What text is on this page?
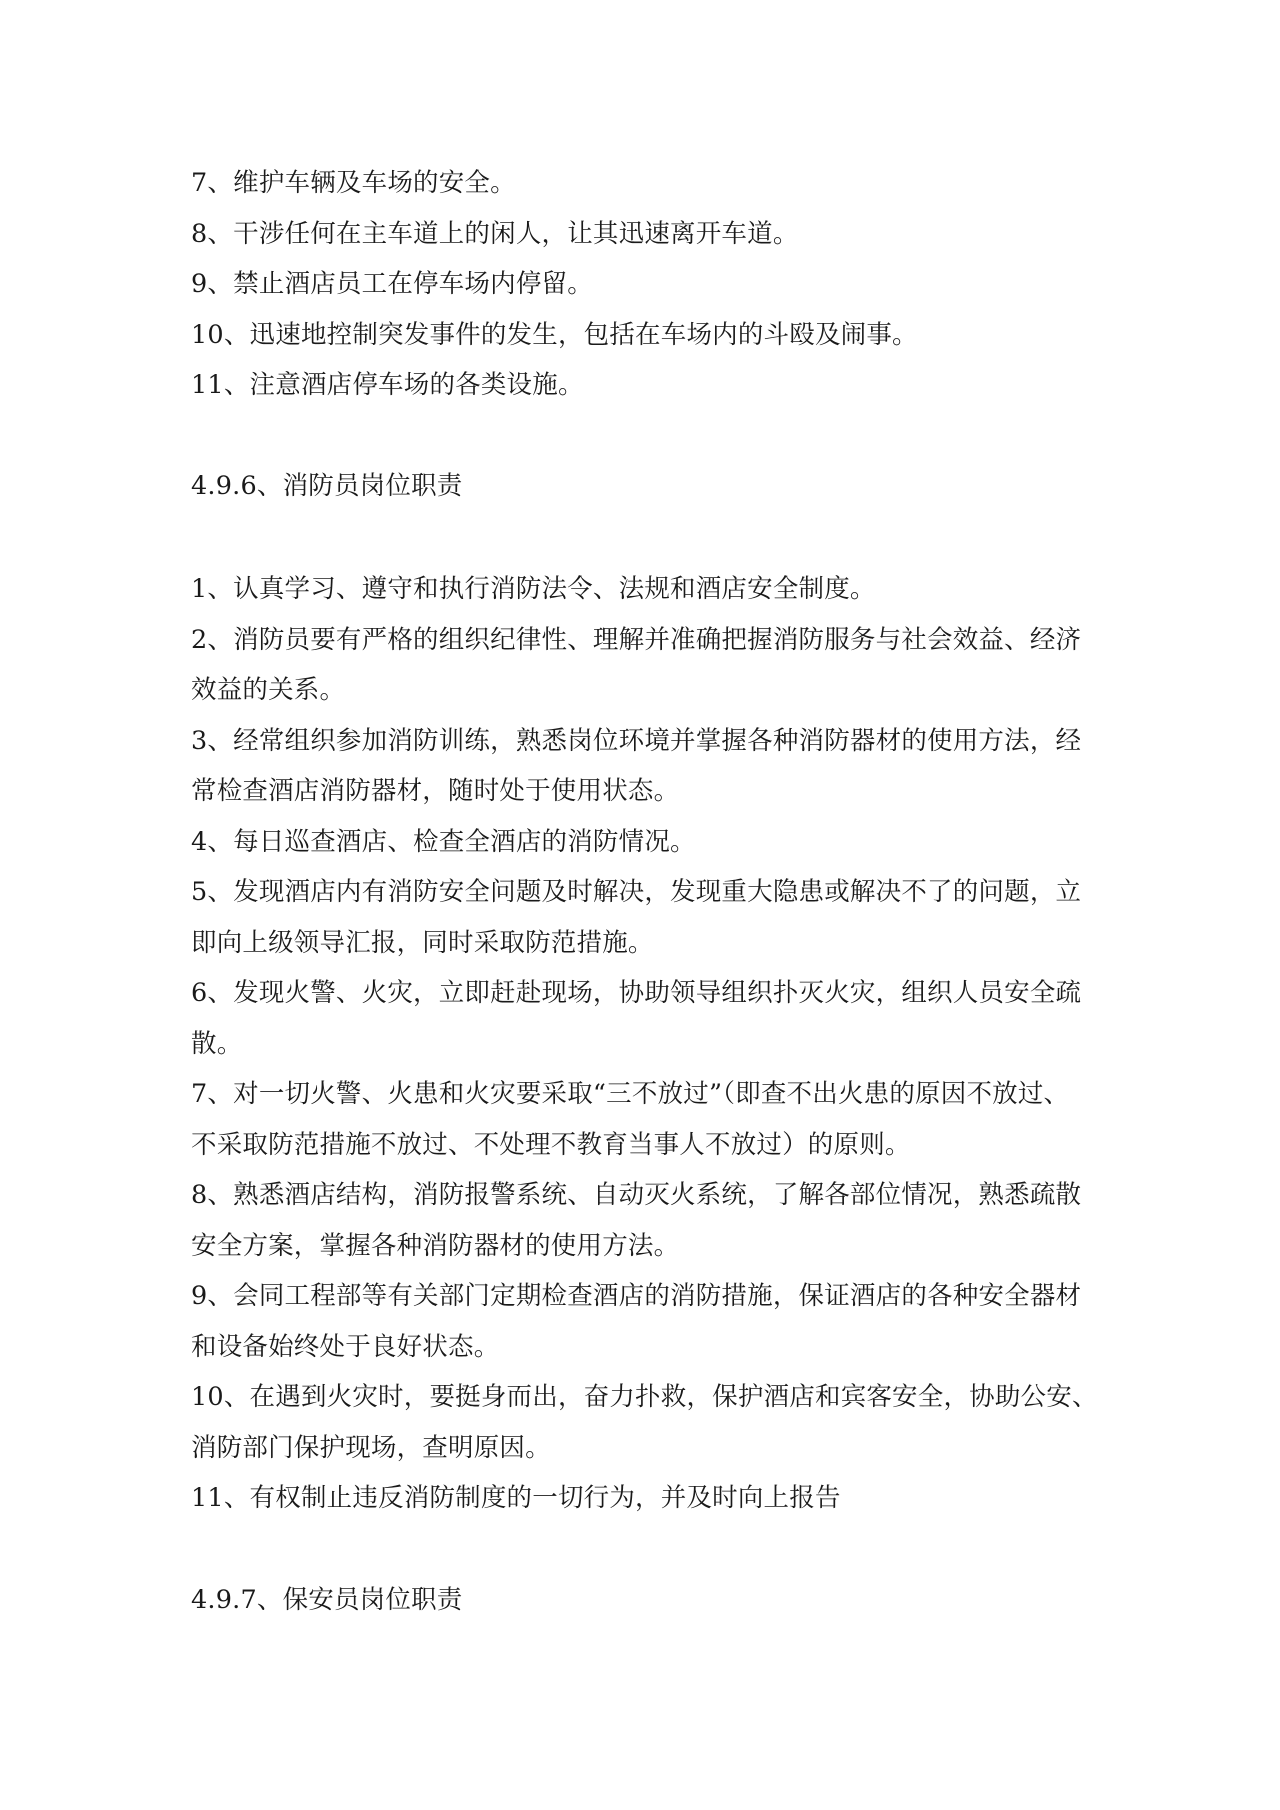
7、维护车辆及车场的安全。
8、干涉任何在主车道上的闲人，让其迅速离开车道。
9、禁止酒店员工在停车场内停留。
10、迅速地控制突发事件的发生，包括在车场内的斗殴及闹事。
11、注意酒店停车场的各类设施。
4.9.6、消防员岗位职责
1、认真学习、遵守和执行消防法令、法规和酒店安全制度。
2、消防员要有严格的组织纪律性、理解并准确把握消防服务与社会效益、经济
效益的关系。
3、经常组织参加消防训练，熟悉岗位环境并掌握各种消防器材的使用方法，经
常检查酒店消防器材，随时处于使用状态。
4、每日巡查酒店、检查全酒店的消防情况。
5、发现酒店内有消防安全问题及时解决，发现重大隐患或解决不了的问题，立
即向上级领导汇报，同时采取防范措施。
6、发现火警、火灾，立即赶赴现场，协助领导组织扑灭火灾，组织人员安全疏
散。
7、对一切火警、火患和火灾要采取“三不放过”（即查不出火患的原因不放过、
不采取防范措施不放过、不处理不教育当事人不放过）的原则。
8、熟悉酒店结构，消防报警系统、自动灭火系统，了解各部位情况，熟悉疏散
安全方案，掌握各种消防器材的使用方法。
9、会同工程部等有关部门定期检查酒店的消防措施，保证酒店的各种安全器材
和设备始终处于良好状态。
10、在遇到火灾时，要挺身而出，奋力扑救，保护酒店和宾客安全，协助公安、
消防部门保护现场，查明原因。
11、有权制止违反消防制度的一切行为，并及时向上报告
4.9.7、保安员岗位职责
